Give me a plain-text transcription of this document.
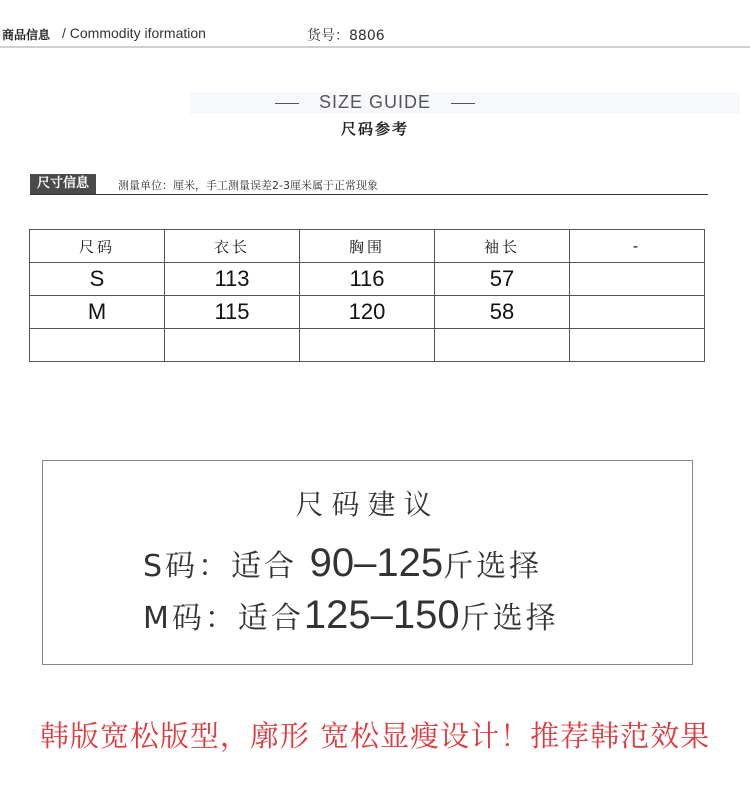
商品信息 / Commodity iformation	货号：8806
SIZE GUIDE
尺码参考
尺寸信息	测量单位：厘米，手工测量误差2-3厘米属于正常现象
尺码	衣长	胸围	袖长	-
S	113	116	57	
M	115	120	58	

尺码建议
S码：适合 90–125斤选择
M码：适合125–150斤选择
韩版宽松版型，廓形 宽松显瘦设计！推荐韩范效果
